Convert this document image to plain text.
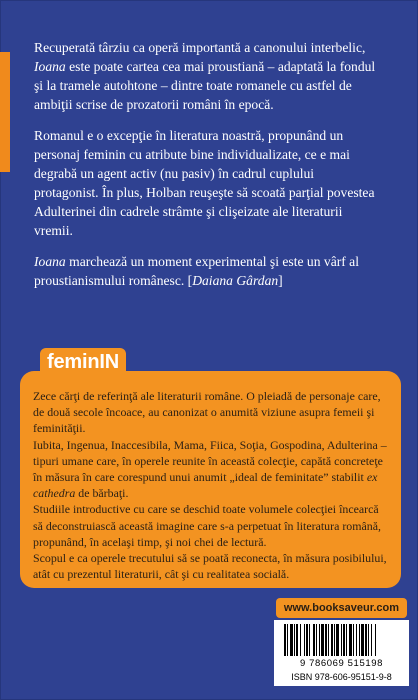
Recuperată târziu ca operă importantă a canonului interbelic, Ioana este poate cartea cea mai proustiană – adaptată la fondul şi la tramele autohtone – dintre toate romanele cu astfel de ambiţii scrise de prozatorii români în epocă.

Romanul e o excepţie în literatura noastră, propunând un personaj feminin cu atribute bine individualizate, ce e mai degrabă un agent activ (nu pasiv) în cadrul cuplului protagonist. În plus, Holban reuşeşte să scoată parţial povestea Adulterinei din cadrele strâmte şi clişeizate ale literaturii vremii.

Ioana marchează un moment experimental şi este un vârf al proustianismului românesc. [Daiana Gârdan]

feminIN

Zece cărţi de referinţă ale literaturii române. O pleiadă de personaje care, de două secole încoace, au canonizat o anumită viziune asupra femeii şi feminităţii.

Iubita, Ingenua, Inaccesibila, Mama, Fiica, Soţia, Gospodina, Adulterina – tipuri umane care, în operele reunite în această colecţie, capătă concreteţe în măsura în care corespund unui anumit „ideal de feminitate” stabilit ex cathedra de bărbaţi.

Studiile introductive cu care se deschid toate volumele colecţiei încearcă să deconstruiască această imagine care s-a perpetuat în literatura română, propunând, în acelaşi timp, şi noi chei de lectură.

Scopul e ca operele trecutului să se poată reconecta, în măsura posibilului, atât cu prezentul literaturii, cât şi cu realitatea socială.

www.booksaveur.com
9 786069 515198
ISBN 978-606-95151-9-8
